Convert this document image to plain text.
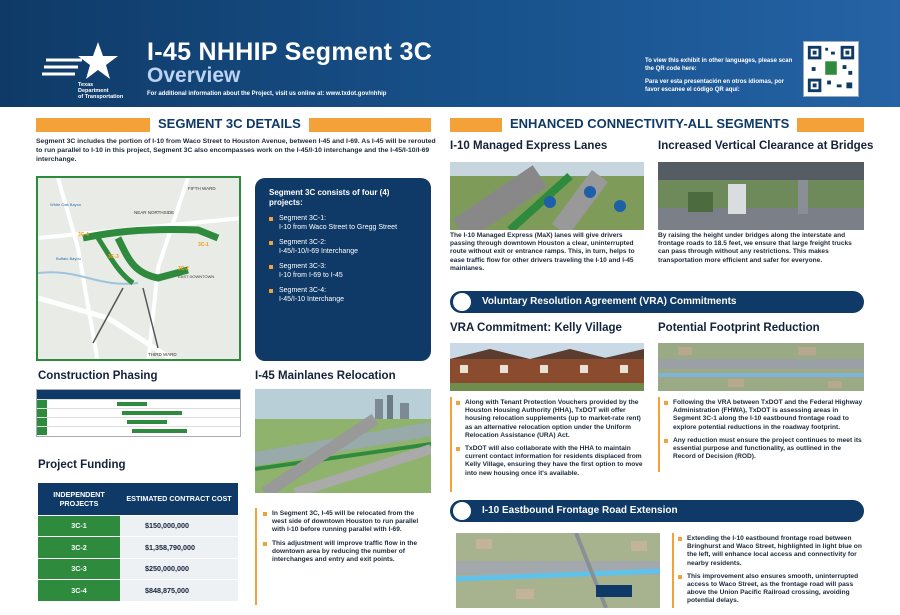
Texas
Department
of Transportation
I-45 NHHIP Segment 3C
Overview
For additional information about the Project, visit us online at: www.txdot.gov/nhhip

To view this exhibit in other languages, please scan the QR code here:

Para ver esta presentación en otros idiomas, por favor escanee el código QR aquí:

SEGMENT 3C DETAILS
Segment 3C includes the portion of I-10 from Waco Street to Houston Avenue, between I-45 and I-69. As I-45 will be rerouted to run parallel to I-10 in this project, Segment 3C also encompasses work on the I-45/I-10 interchange and the I-45/I-10/I-69 interchange.
3C-4
3C-1
3C-2
3C-3
FIFTH WARD
NEAR NORTHSIDE
White Oak Bayou
Buffalo Bayou
THIRD WARD
EAST DOWNTOWN
Segment 3C consists of four (4) projects:
Segment 3C-1:
I-10 from Waco Street to Gregg Street
Segment 3C-2:
I-45/I-10/I-69 Interchange
Segment 3C-3:
I-10 from I-69 to I-45
Segment 3C-4:
I-45/I-10 Interchange
Construction Phasing
Project Funding
INDEPENDENT PROJECTS	ESTIMATED CONTRACT COST
3C-1	$150,000,000
3C-2	$1,358,790,000
3C-3	$250,000,000
3C-4	$848,875,000
I-45 Mainlanes Relocation
In Segment 3C, I-45 will be relocated from the west side of downtown Houston to run parallel with I-10 before running parallel with I-69.
This adjustment will improve traffic flow in the downtown area by reducing the number of interchanges and entry and exit points.
ENHANCED CONNECTIVITY-ALL SEGMENTS
I-10 Managed Express Lanes
The I-10 Managed Express (MaX) lanes will give drivers passing through downtown Houston a clear, uninterrupted route without exit or entrance ramps. This, in turn, helps to ease traffic flow for other drivers traveling the I-10 and I-45 mainlanes.
Increased Vertical Clearance at Bridges
By raising the height under bridges along the interstate and frontage roads to 18.5 feet, we ensure that large freight trucks can pass through without any restrictions. This makes transportation more efficient and safer for everyone.
Voluntary Resolution Agreement (VRA) Commitments
VRA Commitment: Kelly Village
Along with Tenant Protection Vouchers provided by the Houston Housing Authority (HHA), TxDOT will offer housing relocation supplements (up to market-rate rent) as an alternative relocation option under the Uniform Relocation Assistance (URA) Act.
TxDOT will also collaborate with the HHA to maintain current contact information for residents displaced from Kelly Village, ensuring they have the first option to move into new housing once it's available.
Potential Footprint Reduction
Following the VRA between TxDOT and the Federal Highway Administration (FHWA), TxDOT is assessing areas in Segment 3C-1 along the I-10 eastbound frontage road to explore potential reductions in the roadway footprint.
Any reduction must ensure the project continues to meet its essential purpose and functionality, as outlined in the Record of Decision (ROD).
I-10 Eastbound Frontage Road Extension
Extending the I-10 eastbound frontage road between Bringhurst and Waco Street, highlighted in light blue on the left, will enhance local access and connectivity for nearby residents.
This improvement also ensures smooth, uninterrupted access to Waco Street, as the frontage road will pass above the Union Pacific Railroad crossing, avoiding potential delays.
